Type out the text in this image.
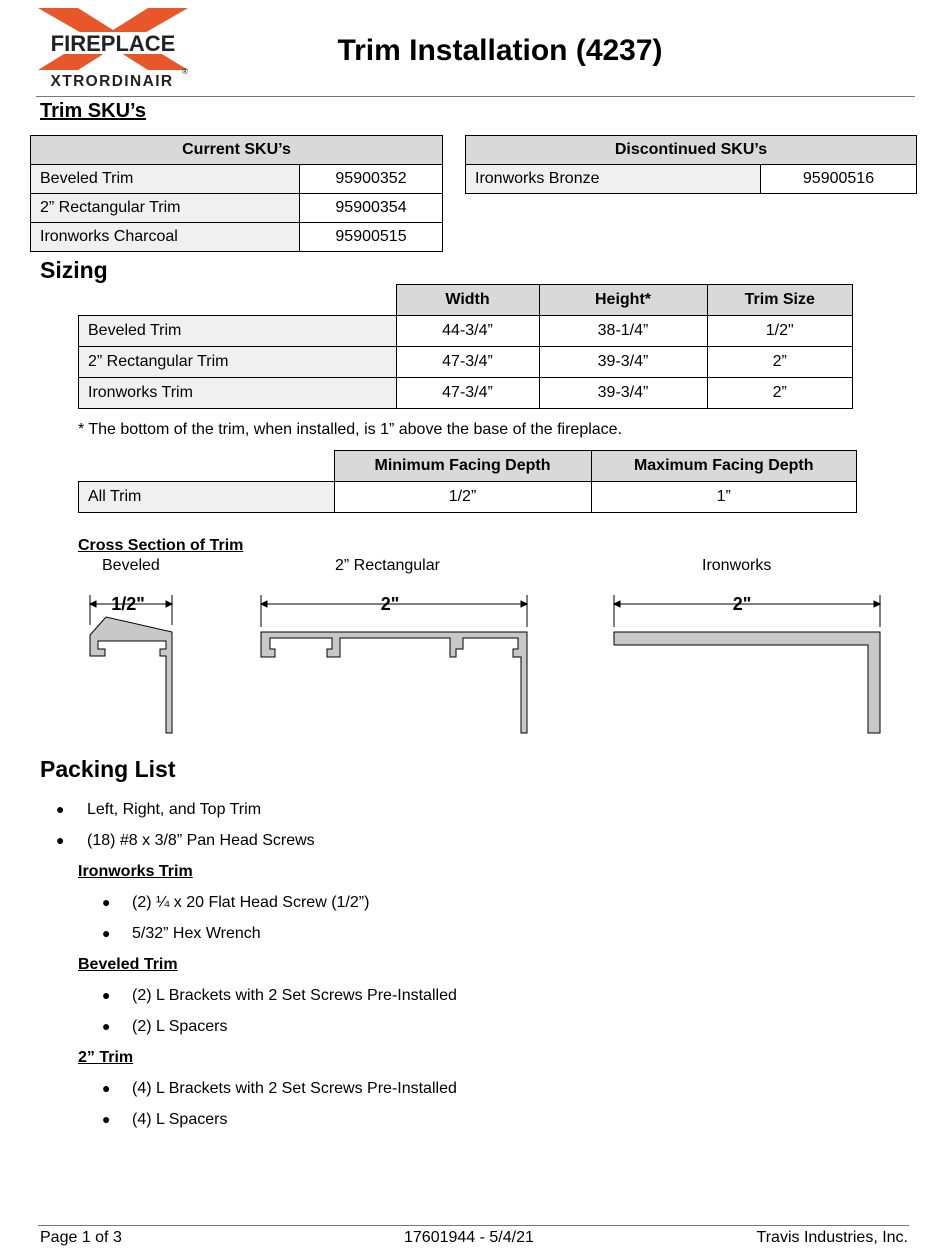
FIREPLACE
XTRORDINAIR
®
Trim Installation (4237)
Trim SKU’s
Current SKU’s	
Beveled Trim	95900352
2” Rectangular Trim	95900354
Ironworks Charcoal	95900515
Discontinued SKU’s
Ironworks Bronze	95900516
Sizing
	Width	Height*	Trim Size
Beveled Trim	44-3/4”	38-1/4”	1/2"
2” Rectangular Trim	47-3/4”	39-3/4”	2”
Ironworks Trim	47-3/4”	39-3/4”	2”
* The bottom of the trim, when installed, is 1” above the base of the fireplace.
	Minimum Facing Depth	Maximum Facing Depth
All Trim	1/2”	1”
Cross Section of Trim
Beveled	2” Rectangular	Ironworks
1/2"	2"	2"
Packing List
● Left, Right, and Top Trim
● (18) #8 x 3/8” Pan Head Screws
Ironworks Trim
● (2) ¼ x 20 Flat Head Screw (1/2”)
● 5/32” Hex Wrench
Beveled Trim
● (2) L Brackets with 2 Set Screws Pre-Installed
● (2) L Spacers
2” Trim
● (4) L Brackets with 2 Set Screws Pre-Installed
● (4) L Spacers
Page 1 of 3	17601944 - 5/4/21	Travis Industries, Inc.
